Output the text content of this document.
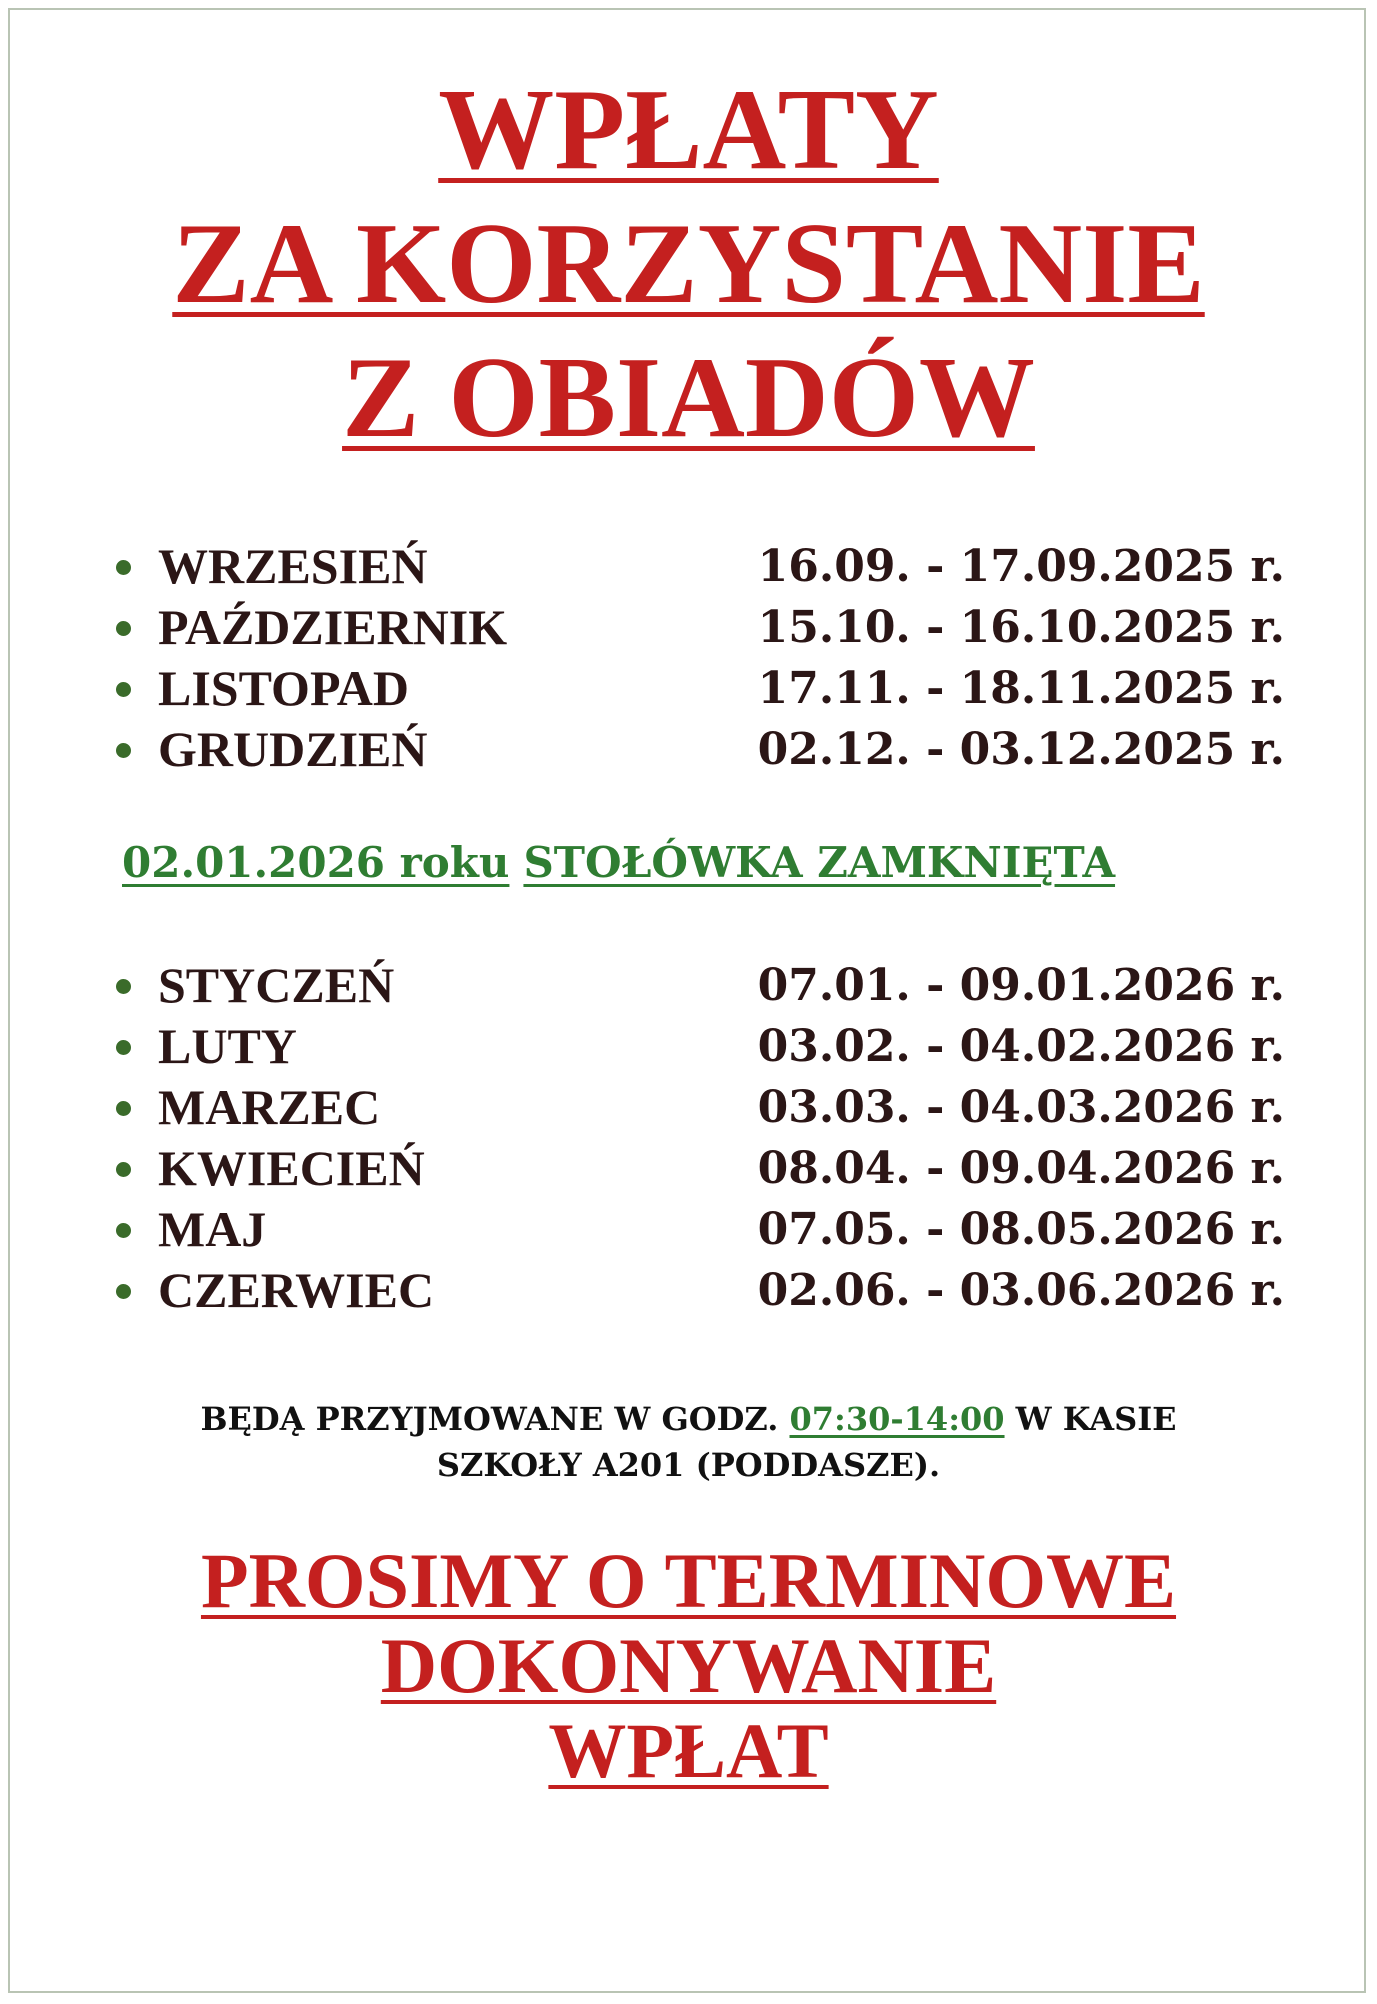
WPŁATY
ZA KORZYSTANIE
Z OBIADÓW
WRZESIEŃ	16.09. - 17.09.2025 r.
PAŹDZIERNIK	15.10. - 16.10.2025 r.
LISTOPAD	17.11. - 18.11.2025 r.
GRUDZIEŃ	02.12. - 03.12.2025 r.
02.01.2026 roku STOŁÓWKA ZAMKNIĘTA
STYCZEŃ	07.01. - 09.01.2026 r.
LUTY	03.02. - 04.02.2026 r.
MARZEC	03.03. - 04.03.2026 r.
KWIECIEŃ	08.04. - 09.04.2026 r.
MAJ	07.05. - 08.05.2026 r.
CZERWIEC	02.06. - 03.06.2026 r.
BĘDĄ PRZYJMOWANE W GODZ. 07:30-14:00 W KASIE
SZKOŁY A201 (PODDASZE).
PROSIMY O TERMINOWE
DOKONYWANIE
WPŁAT
